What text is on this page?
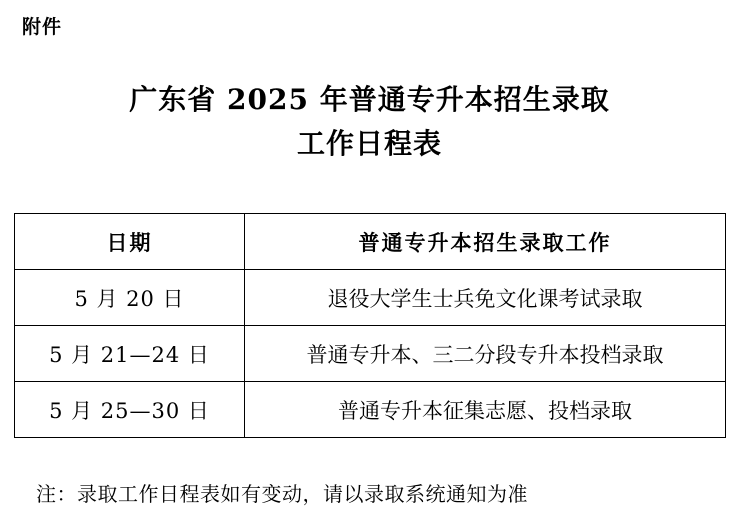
附件
广东省 2025 年普通专升本招生录取
工作日程表
日期	普通专升本招生录取工作
5 月 20 日	退役大学生士兵免文化课考试录取
5 月 21—24 日	普通专升本、三二分段专升本投档录取
5 月 25—30 日	普通专升本征集志愿、投档录取
注：录取工作日程表如有变动，请以录取系统通知为准
